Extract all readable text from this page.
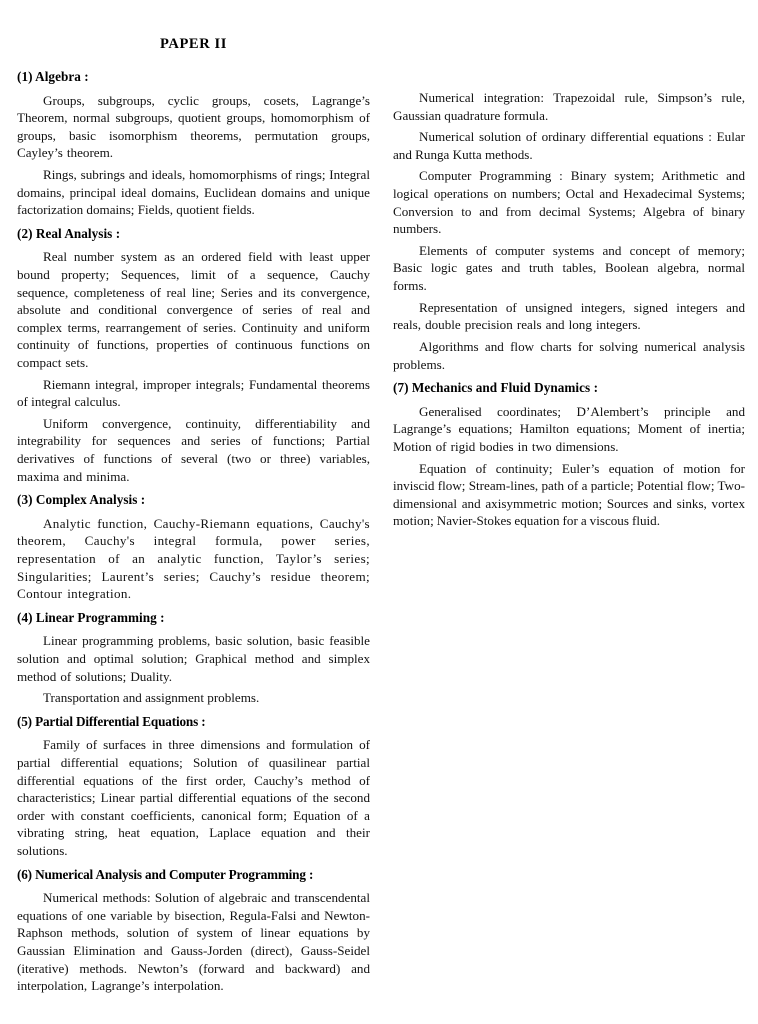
PAPER II
(1) Algebra :

Groups, subgroups, cyclic groups, cosets, Lagrange’s Theorem, normal subgroups, quotient groups, homomorphism of groups, basic isomorphism theorems, permutation groups, Cayley’s theorem.

Rings, subrings and ideals, homomorphisms of rings; Integral domains, principal ideal domains, Euclidean domains and unique factorization domains; Fields, quotient fields.

(2) Real Analysis :

Real number system as an ordered field with least upper bound property; Sequences, limit of a sequence, Cauchy sequence, completeness of real line; Series and its convergence, absolute and conditional convergence of series of real and complex terms, rearrangement of series. Continuity and uniform continuity of functions, properties of continuous functions on compact sets.

Riemann integral, improper integrals; Fundamental theorems of integral calculus.

Uniform convergence, continuity, differentiability and integrability for sequences and series of functions; Partial derivatives of functions of several (two or three) variables, maxima and minima.

(3) Complex Analysis :

Analytic function, Cauchy-Riemann equations, Cauchy's theorem, Cauchy's integral formula, power series, representation of an analytic function, Taylor’s series; Singularities; Laurent’s series; Cauchy’s residue theorem; Contour integration.

(4) Linear Programming :

Linear programming problems, basic solution, basic feasible solution and optimal solution; Graphical method and simplex method of solutions; Duality.

Transportation and assignment problems.

(5) Partial Differential Equations :

Family of surfaces in three dimensions and formulation of partial differential equations; Solution of quasilinear partial differential equations of the first order, Cauchy’s method of characteristics; Linear partial differential equations of the second order with constant coefficients, canonical form; Equation of a vibrating string, heat equation, Laplace equation and their solutions.

(6) Numerical Analysis and Computer Programming :

Numerical methods: Solution of algebraic and transcendental equations of one variable by bisection, Regula-Falsi and Newton-Raphson methods, solution of system of linear equations by Gaussian Elimination and Gauss-Jorden (direct), Gauss-Seidel (iterative) methods. Newton’s (forward and backward) and interpolation, Lagrange’s interpolation.

Numerical integration: Trapezoidal rule, Simpson’s rule, Gaussian quadrature formula.

Numerical solution of ordinary differential equations : Eular and Runga Kutta methods.

Computer Programming : Binary system; Arithmetic and logical operations on numbers; Octal and Hexadecimal Systems; Conversion to and from decimal Systems; Algebra of binary numbers.

Elements of computer systems and concept of memory; Basic logic gates and truth tables, Boolean algebra, normal forms.

Representation of unsigned integers, signed integers and reals, double precision reals and long integers.

Algorithms and flow charts for solving numerical analysis problems.

(7) Mechanics and Fluid Dynamics :

Generalised coordinates; D’Alembert’s principle and Lagrange’s equations; Hamilton equations; Moment of inertia; Motion of rigid bodies in two dimensions.

Equation of continuity; Euler’s equation of motion for inviscid flow; Stream-lines, path of a particle; Potential flow; Two-dimensional and axisymmetric motion; Sources and sinks, vortex motion; Navier-Stokes equation for a viscous fluid.
